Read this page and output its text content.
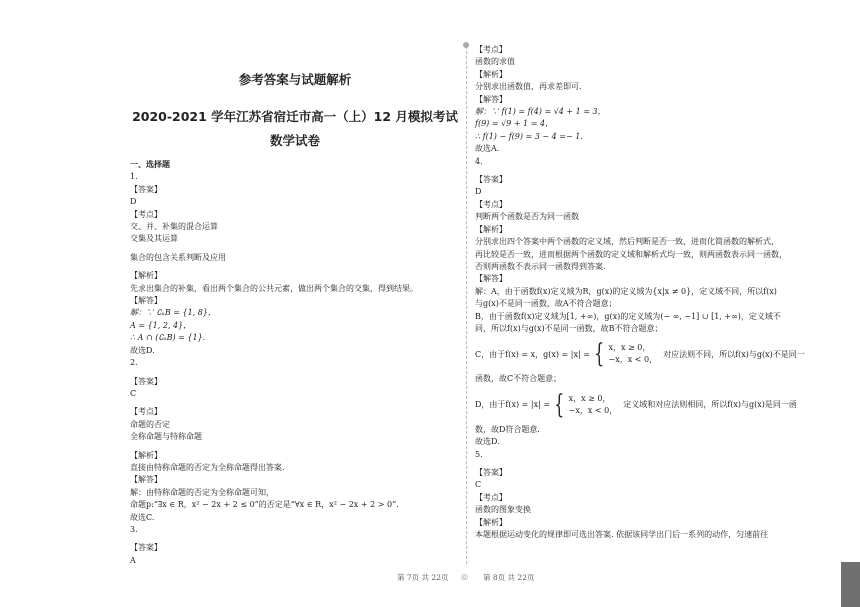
参考答案与试题解析
2020-2021 学年江苏省宿迁市高一（上）12 月模拟考试数学试卷
一、选择题
1.
【答案】
D
【考点】
交、并、补集的混合运算
交集及其运算
集合的包含关系判断及应用
【解析】
先求出集合的补集，看出两个集合的公共元素，做出两个集合的交集，得到结果。
【解答】
解：∵ ∁ᵤB = {1, 8}，
A = {1, 2, 4}，
∴ A ∩ (∁ᵤB) = {1}.
故选D.
2.
【答案】
C
【考点】
命题的否定
全称命题与特称命题
【解析】
直接由特称命题的否定为全称命题得出答案.
【解答】
解：由特称命题的否定为全称命题可知，
命题p:“∃x ∈ R，x² − 2x + 2 ≤ 0”的否定是“∀x ∈ R，x² − 2x + 2 > 0”.
故选C.
3.
【答案】
A
【考点】
函数的求值
【解析】
分别求出函数值，再求差即可.
【解答】
解：∵ f(1) = f(4) = √4 + 1 = 3，
f(9) = √9 + 1 = 4，
∴ f(1) − f(9) = 3 − 4 =− 1.
故选A.
4.
【答案】
D
【考点】
判断两个函数是否为同一函数
【解析】
分别求出四个答案中两个函数的定义域，然后判断是否一致，进而化简函数的解析式，
再比较是否一致，进而根据两个函数的定义域和解析式均一致，则两函数表示同一函数，
否则两函数不表示同一函数得到答案.
【解答】
解：A，由于函数f(x)定义域为R，g(x)的定义域为{x|x ≠ 0}，定义域不同，所以f(x)
与g(x)不是同一函数，故A不符合题意；
B，由于函数f(x)定义域为[1, +∞)，g(x)的定义域为(− ∞, −1] ∪ [1, +∞)，定义域不
同，所以f(x)与g(x)不是同一函数，故B不符合题意；
C，由于f(x) = x，g(x) = |x| = { x，x ≥ 0，
−x，x < 0，
对应法则不同，所以f(x)与g(x)不是同一
函数，故C不符合题意；
D，由于f(x) = |x| = { x，x ≥ 0，
−x，x < 0，
定义域和对应法则相同，所以f(x)与g(x)是同一函
数，故D符合题意.
故选D.
5.
【答案】
C
【考点】
函数的图象变换
【解析】
本题根据运动变化的规律即可选出答案. 依据该同学出门后一系列的动作，匀速前往
第 7页 共 22页 ◎ 第 8页 共 22页
